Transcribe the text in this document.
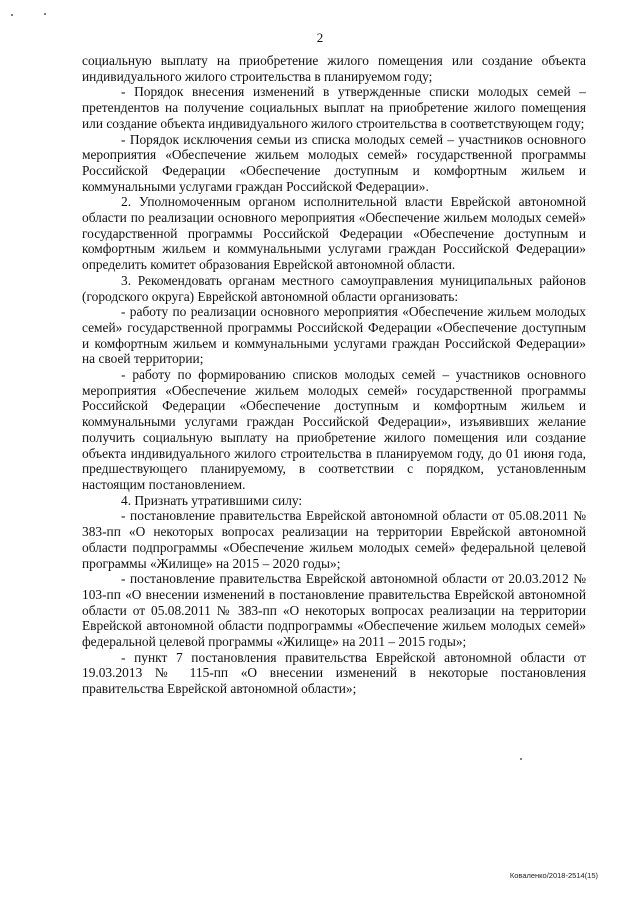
2

социальную выплату на приобретение жилого помещения или создание объекта индивидуального жилого строительства в планируемом году;

- Порядок внесения изменений в утвержденные списки молодых семей – претендентов на получение социальных выплат на приобретение жилого помещения или создание объекта индивидуального жилого строительства в соответствующем году;

- Порядок исключения семьи из списка молодых семей – участников основного мероприятия «Обеспечение жильем молодых семей» государственной программы Российской Федерации «Обеспечение доступным и комфортным жильем и коммунальными услугами граждан Российской Федерации».

2. Уполномоченным органом исполнительной власти Еврейской автономной области по реализации основного мероприятия «Обеспечение жильем молодых семей» государственной программы Российской Федерации «Обеспечение доступным и комфортным жильем и коммунальными услугами граждан Российской Федерации» определить комитет образования Еврейской автономной области.

3. Рекомендовать органам местного самоуправления муниципальных районов (городского округа) Еврейской автономной области организовать:

- работу по реализации основного мероприятия «Обеспечение жильем молодых семей» государственной программы Российской Федерации «Обеспечение доступным и комфортным жильем и коммунальными услугами граждан Российской Федерации» на своей территории;

- работу по формированию списков молодых семей – участников основного мероприятия «Обеспечение жильем молодых семей» государственной программы Российской Федерации «Обеспечение доступным и комфортным жильем и коммунальными услугами граждан Российской Федерации», изъявивших желание получить социальную выплату на приобретение жилого помещения или создание объекта индивидуального жилого строительства в планируемом году, до 01 июня года, предшествующего планируемому, в соответствии с порядком, установленным настоящим постановлением.

4. Признать утратившими силу:

- постановление правительства Еврейской автономной области от 05.08.2011 № 383-пп «О некоторых вопросах реализации на территории Еврейской автономной области подпрограммы «Обеспечение жильем молодых семей» федеральной целевой программы «Жилище» на 2015 – 2020 годы»;

- постановление правительства Еврейской автономной области от 20.03.2012 № 103-пп «О внесении изменений в постановление правительства Еврейской автономной области от 05.08.2011 № 383-пп «О некоторых вопросах реализации на территории Еврейской автономной области подпрограммы «Обеспечение жильем молодых семей» федеральной целевой программы «Жилище» на 2011 – 2015 годы»;

- пункт 7 постановления правительства Еврейской автономной области от 19.03.2013 № 115-пп «О внесении изменений в некоторые постановления правительства Еврейской автономной области»;

Коваленко/2018-2514(15)
